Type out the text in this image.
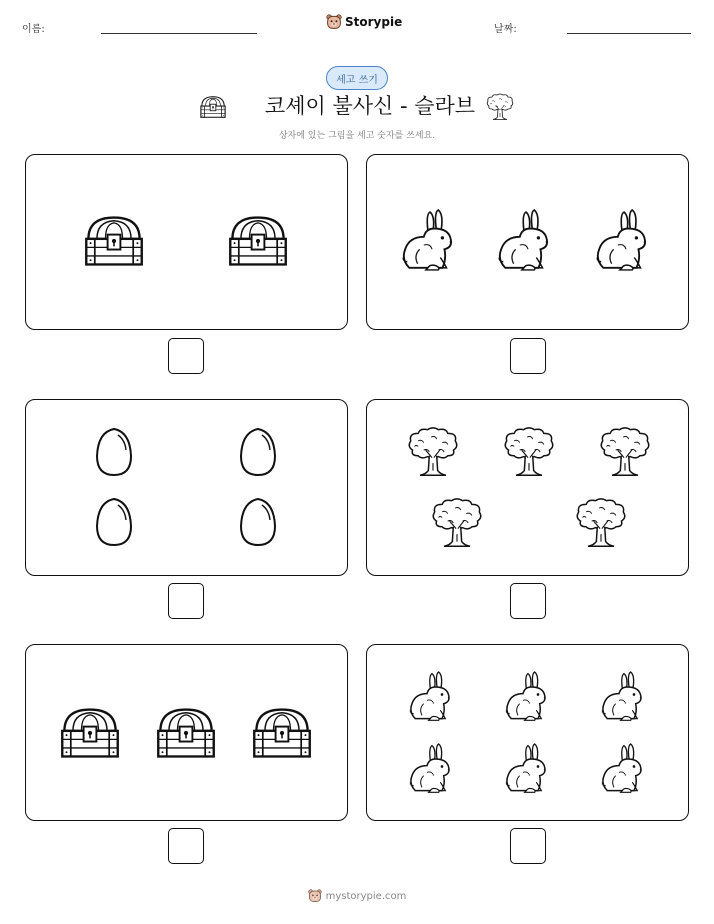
이름:
Storypie
날짜:
세고 쓰기
코셰이 불사신 - 슬라브
상자에 있는 그림을 세고 숫자를 쓰세요.
mystorypie.com
